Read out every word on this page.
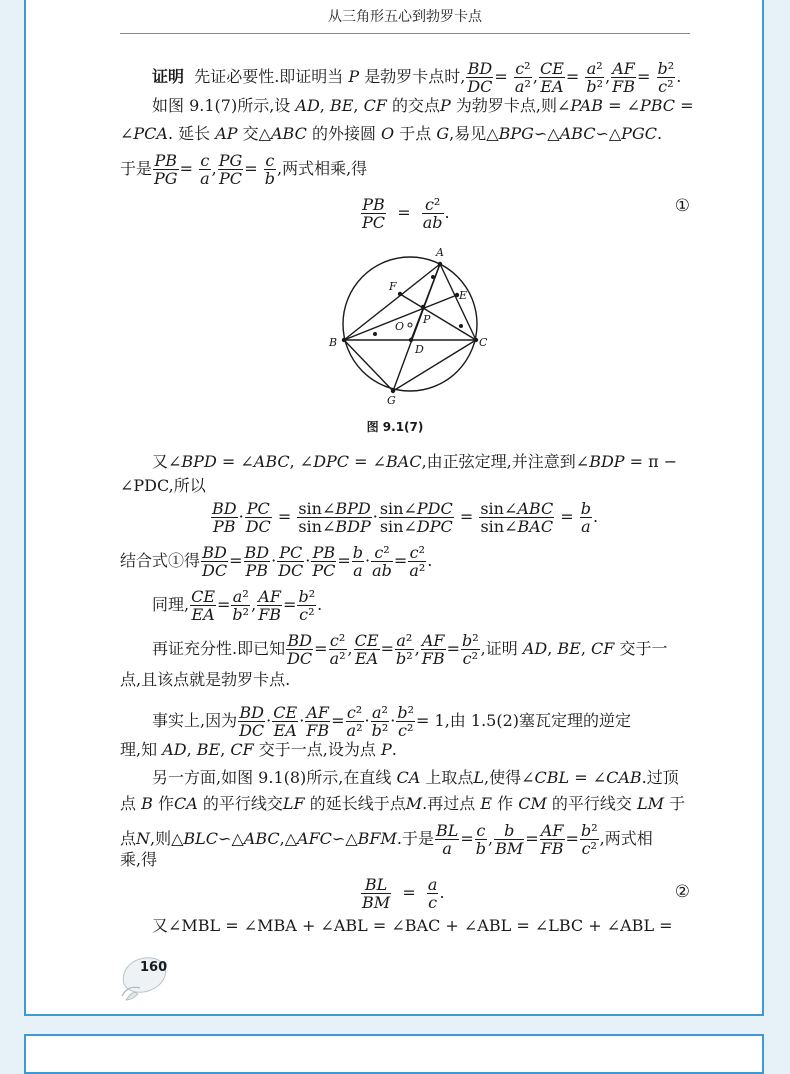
从三角形五心到勃罗卡点
证明 先证必要性.即证明当 P 是勃罗卡点时, $\frac{BD}{DC} = \frac{\text{c²}}{\text{a²}}$ , $\frac{CE}{EA} = \frac{\text{a²}}{\text{b²}}$ , $\frac{AF}{FB} = \frac{\text{b²}}{\text{c²}}$ .
如图 9.1(7)所示,设 AD, BE, CF 的交点P 为勃罗卡点,则∠PAB = ∠PBC =
∠PCA. 延长 AP 交△ABC 的外接圆 O 于点 G,易见△BPG∽△ABC∽△PGC.
于是 $\frac{PB}{PG} = \frac{c}{a}$ , $\frac{PG}{PC} = \frac{c}{b}$ ,两式相乘,得
$\frac{PB}{PC} = \frac{\text{c²}}{ab}$ .	①
A
B	C
D
E
F
G
O
P
图 9.1(7)
又∠BPD = ∠ABC, ∠DPC = ∠BAC,由正弦定理,并注意到∠BDP = π −
∠PDC,所以
$\frac{BD}{PB} \cdot \frac{PC}{DC}$ = sin∠BPD
sin∠BDP
· sin∠PDC
sin∠DPC
= sin∠ABC
sin∠BAC
= $\frac{b}{a}$ .
结合式①得 $\frac{BD}{DC} = \frac{BD}{PB} \cdot \frac{PC}{DC} \cdot \frac{PB}{PC} = \frac{b}{a} \cdot \frac{\text{c²}}{ab} = \frac{\text{c²}}{\text{a²}}$ .
同理, $\frac{CE}{EA} = \frac{\text{a²}}{\text{b²}}$ , $\frac{AF}{FB} = \frac{\text{b²}}{\text{c²}}$ .
再证充分性.即已知 $\frac{BD}{DC} = \frac{\text{c²}}{\text{a²}}$ , $\frac{CE}{EA} = \frac{\text{a²}}{\text{b²}}$ , $\frac{AF}{FB} = \frac{\text{b²}}{\text{c²}}$ ,证明 AD, BE, CF 交于一
点,且该点就是勃罗卡点.
事实上,因为 $\frac{BD}{DC} \cdot \frac{CE}{EA} \cdot \frac{AF}{FB} = \frac{\text{c²}}{\text{a²}} \cdot \frac{\text{a²}}{\text{b²}} \cdot \frac{\text{b²}}{\text{c²}} = 1$,由 1.5(2)塞瓦定理的逆定
理,知 AD, BE, CF 交于一点,设为点 P.
另一方面,如图 9.1(8)所示,在直线 CA 上取点L,使得∠CBL = ∠CAB.过顶
点 B 作CA 的平行线交LF 的延长线于点M.再过点 E 作 CM 的平行线交 LM 于
点N,则△BLC∽△ABC,△AFC∽△BFM.于是 $\frac{BL}{a} = \frac{c}{b}$ , $\frac{b}{BM} = \frac{AF}{FB} = \frac{\text{b²}}{\text{c²}}$ ,两式相
乘,得
$\frac{BL}{BM} = \frac{a}{c}$ .	②
又∠MBL = ∠MBA + ∠ABL = ∠BAC + ∠ABL = ∠LBC + ∠ABL =
160
